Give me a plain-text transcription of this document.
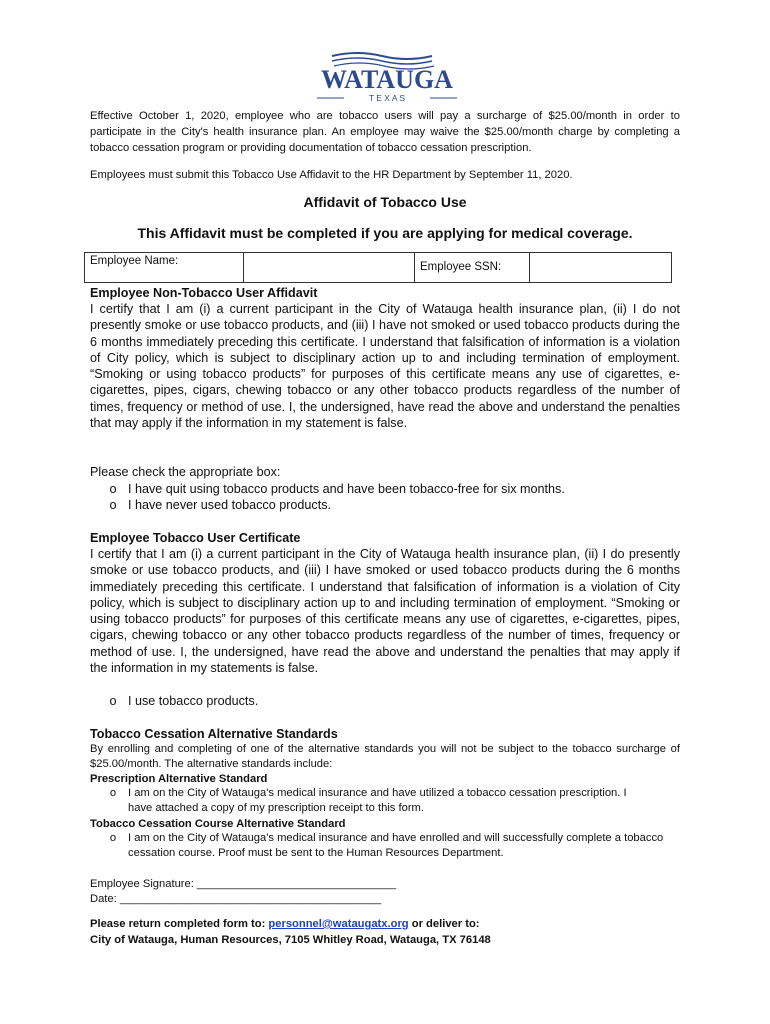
WATAUGA
T E X A S
Effective October 1, 2020, employee who are tobacco users will pay a surcharge of $25.00/month in order to participate in the City's health insurance plan. An employee may waive the $25.00/month charge by completing a tobacco cessation program or providing documentation of tobacco cessation prescription.
Employees must submit this Tobacco Use Affidavit to the HR Department by September 11, 2020.
Affidavit of Tobacco Use
This Affidavit must be completed if you are applying for medical coverage.
Employee Name:		Employee SSN:	
Employee Non-Tobacco User Affidavit
I certify that I am (i) a current participant in the City of Watauga health insurance plan, (ii) I do not presently smoke or use tobacco products, and (iii) I have not smoked or used tobacco products during the 6 months immediately preceding this certificate. I understand that falsification of information is a violation of City policy, which is subject to disciplinary action up to and including termination of employment. “Smoking or using tobacco products” for purposes of this certificate means any use of cigarettes, e-cigarettes, pipes, cigars, chewing tobacco or any other tobacco products regardless of the number of times, frequency or method of use. I, the undersigned, have read the above and understand the penalties that may apply if the information in my statement is false.
Please check the appropriate box:
o I have quit using tobacco products and have been tobacco-free for six months.
o I have never used tobacco products.
Employee Tobacco User Certificate
I certify that I am (i) a current participant in the City of Watauga health insurance plan, (ii) I do presently smoke or use tobacco products, and (iii) I have smoked or used tobacco products during the 6 months immediately preceding this certificate. I understand that falsification of information is a violation of City policy, which is subject to disciplinary action up to and including termination of employment. “Smoking or using tobacco products” for purposes of this certificate means any use of cigarettes, e-cigarettes, pipes, cigars, chewing tobacco or any other tobacco products regardless of the number of times, frequency or method of use. I, the undersigned, have read the above and understand the penalties that may apply if the information in my statements is false.
o I use tobacco products.
Tobacco Cessation Alternative Standards
By enrolling and completing of one of the alternative standards you will not be subject to the tobacco surcharge of $25.00/month. The alternative standards include:
Prescription Alternative Standard
o	I am on the City of Watauga's medical insurance and have utilized a tobacco cessation prescription. I have attached a copy of my prescription receipt to this form.
Tobacco Cessation Course Alternative Standard
o	I am on the City of Watauga's medical insurance and have enrolled and will successfully complete a tobacco cessation course. Proof must be sent to the Human Resources Department.
Employee Signature: ________________________________
Date: __________________________________________
Please return completed form to: personnel@wataugatx.org or deliver to:
City of Watauga, Human Resources, 7105 Whitley Road, Watauga, TX 76148
